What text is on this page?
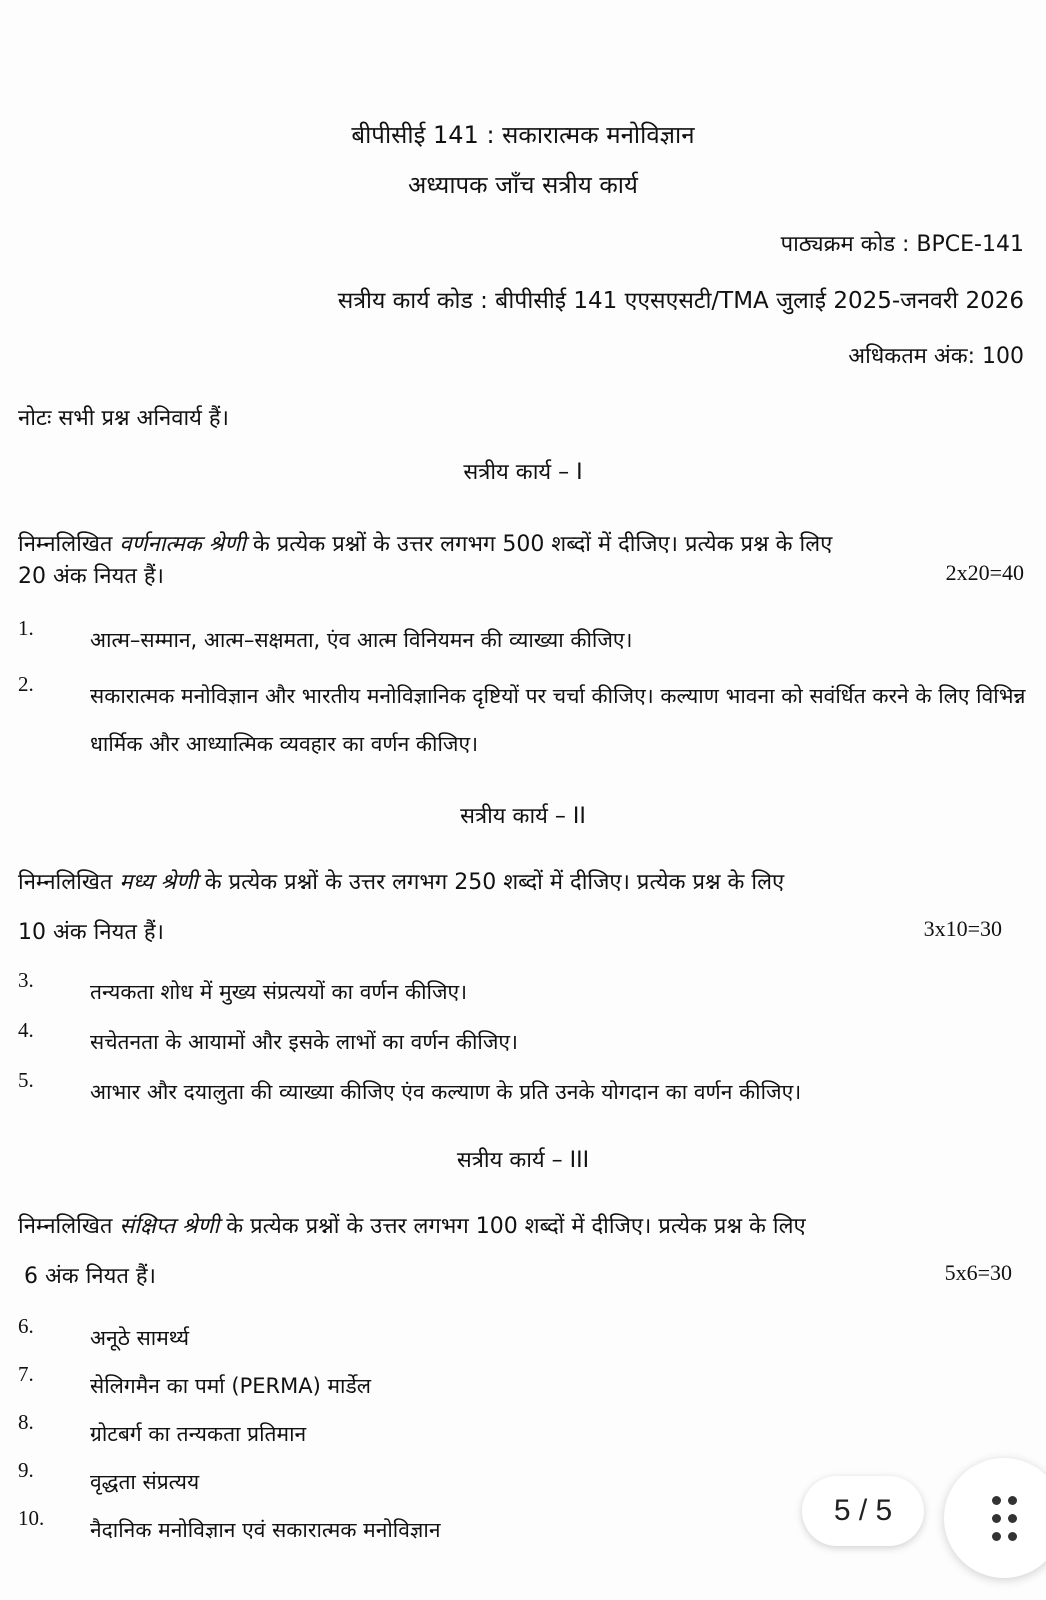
बीपीसीई 141 : सकारात्मक मनोविज्ञान
अध्यापक जाँच सत्रीय कार्य
पाठ्यक्रम कोड : BPCE-141
सत्रीय कार्य कोड : बीपीसीई 141 एएसएसटी/TMA जुलाई 2025-जनवरी 2026
अधिकतम अंक: 100
नोटः सभी प्रश्न अनिवार्य हैं।
सत्रीय कार्य – I
निम्नलिखित वर्णनात्मक श्रेणी के प्रत्येक प्रश्नों के उत्तर लगभग 500 शब्दों में दीजिए। प्रत्येक प्रश्न के लिए
20 अंक नियत हैं।	2x20=40
1.	आत्म–सम्मान, आत्म–सक्षमता, एंव आत्म विनियमन की व्याख्या कीजिए।
2.	सकारात्मक मनोविज्ञान और भारतीय मनोविज्ञानिक दृष्टियों पर चर्चा कीजिए। कल्याण भावना को सवंर्धित करने के लिए विभिन्न धार्मिक और आध्यात्मिक व्यवहार का वर्णन कीजिए।
सत्रीय कार्य – II
निम्नलिखित मध्य श्रेणी के प्रत्येक प्रश्नों के उत्तर लगभग 250 शब्दों में दीजिए। प्रत्येक प्रश्न के लिए
10 अंक नियत हैं।	3x10=30
3.	तन्यकता शोध में मुख्य संप्रत्ययों का वर्णन कीजिए।
4.	सचेतनता के आयामों और इसके लाभों का वर्णन कीजिए।
5.	आभार और दयालुता की व्याख्या कीजिए एंव कल्याण के प्रति उनके योगदान का वर्णन कीजिए।
सत्रीय कार्य – III
निम्नलिखित संक्षिप्त श्रेणी के प्रत्येक प्रश्नों के उत्तर लगभग 100 शब्दों में दीजिए। प्रत्येक प्रश्न के लिए
6 अंक नियत हैं।	5x6=30
6.	अनूठे सामर्थ्य
7.	सेलिगमैन का पर्मा (PERMA) मार्डेल
8.	ग्रोटबर्ग का तन्यकता प्रतिमान
9.	वृद्धता संप्रत्यय
10.	नैदानिक मनोविज्ञान एवं सकारात्मक मनोविज्ञान
5 / 5
